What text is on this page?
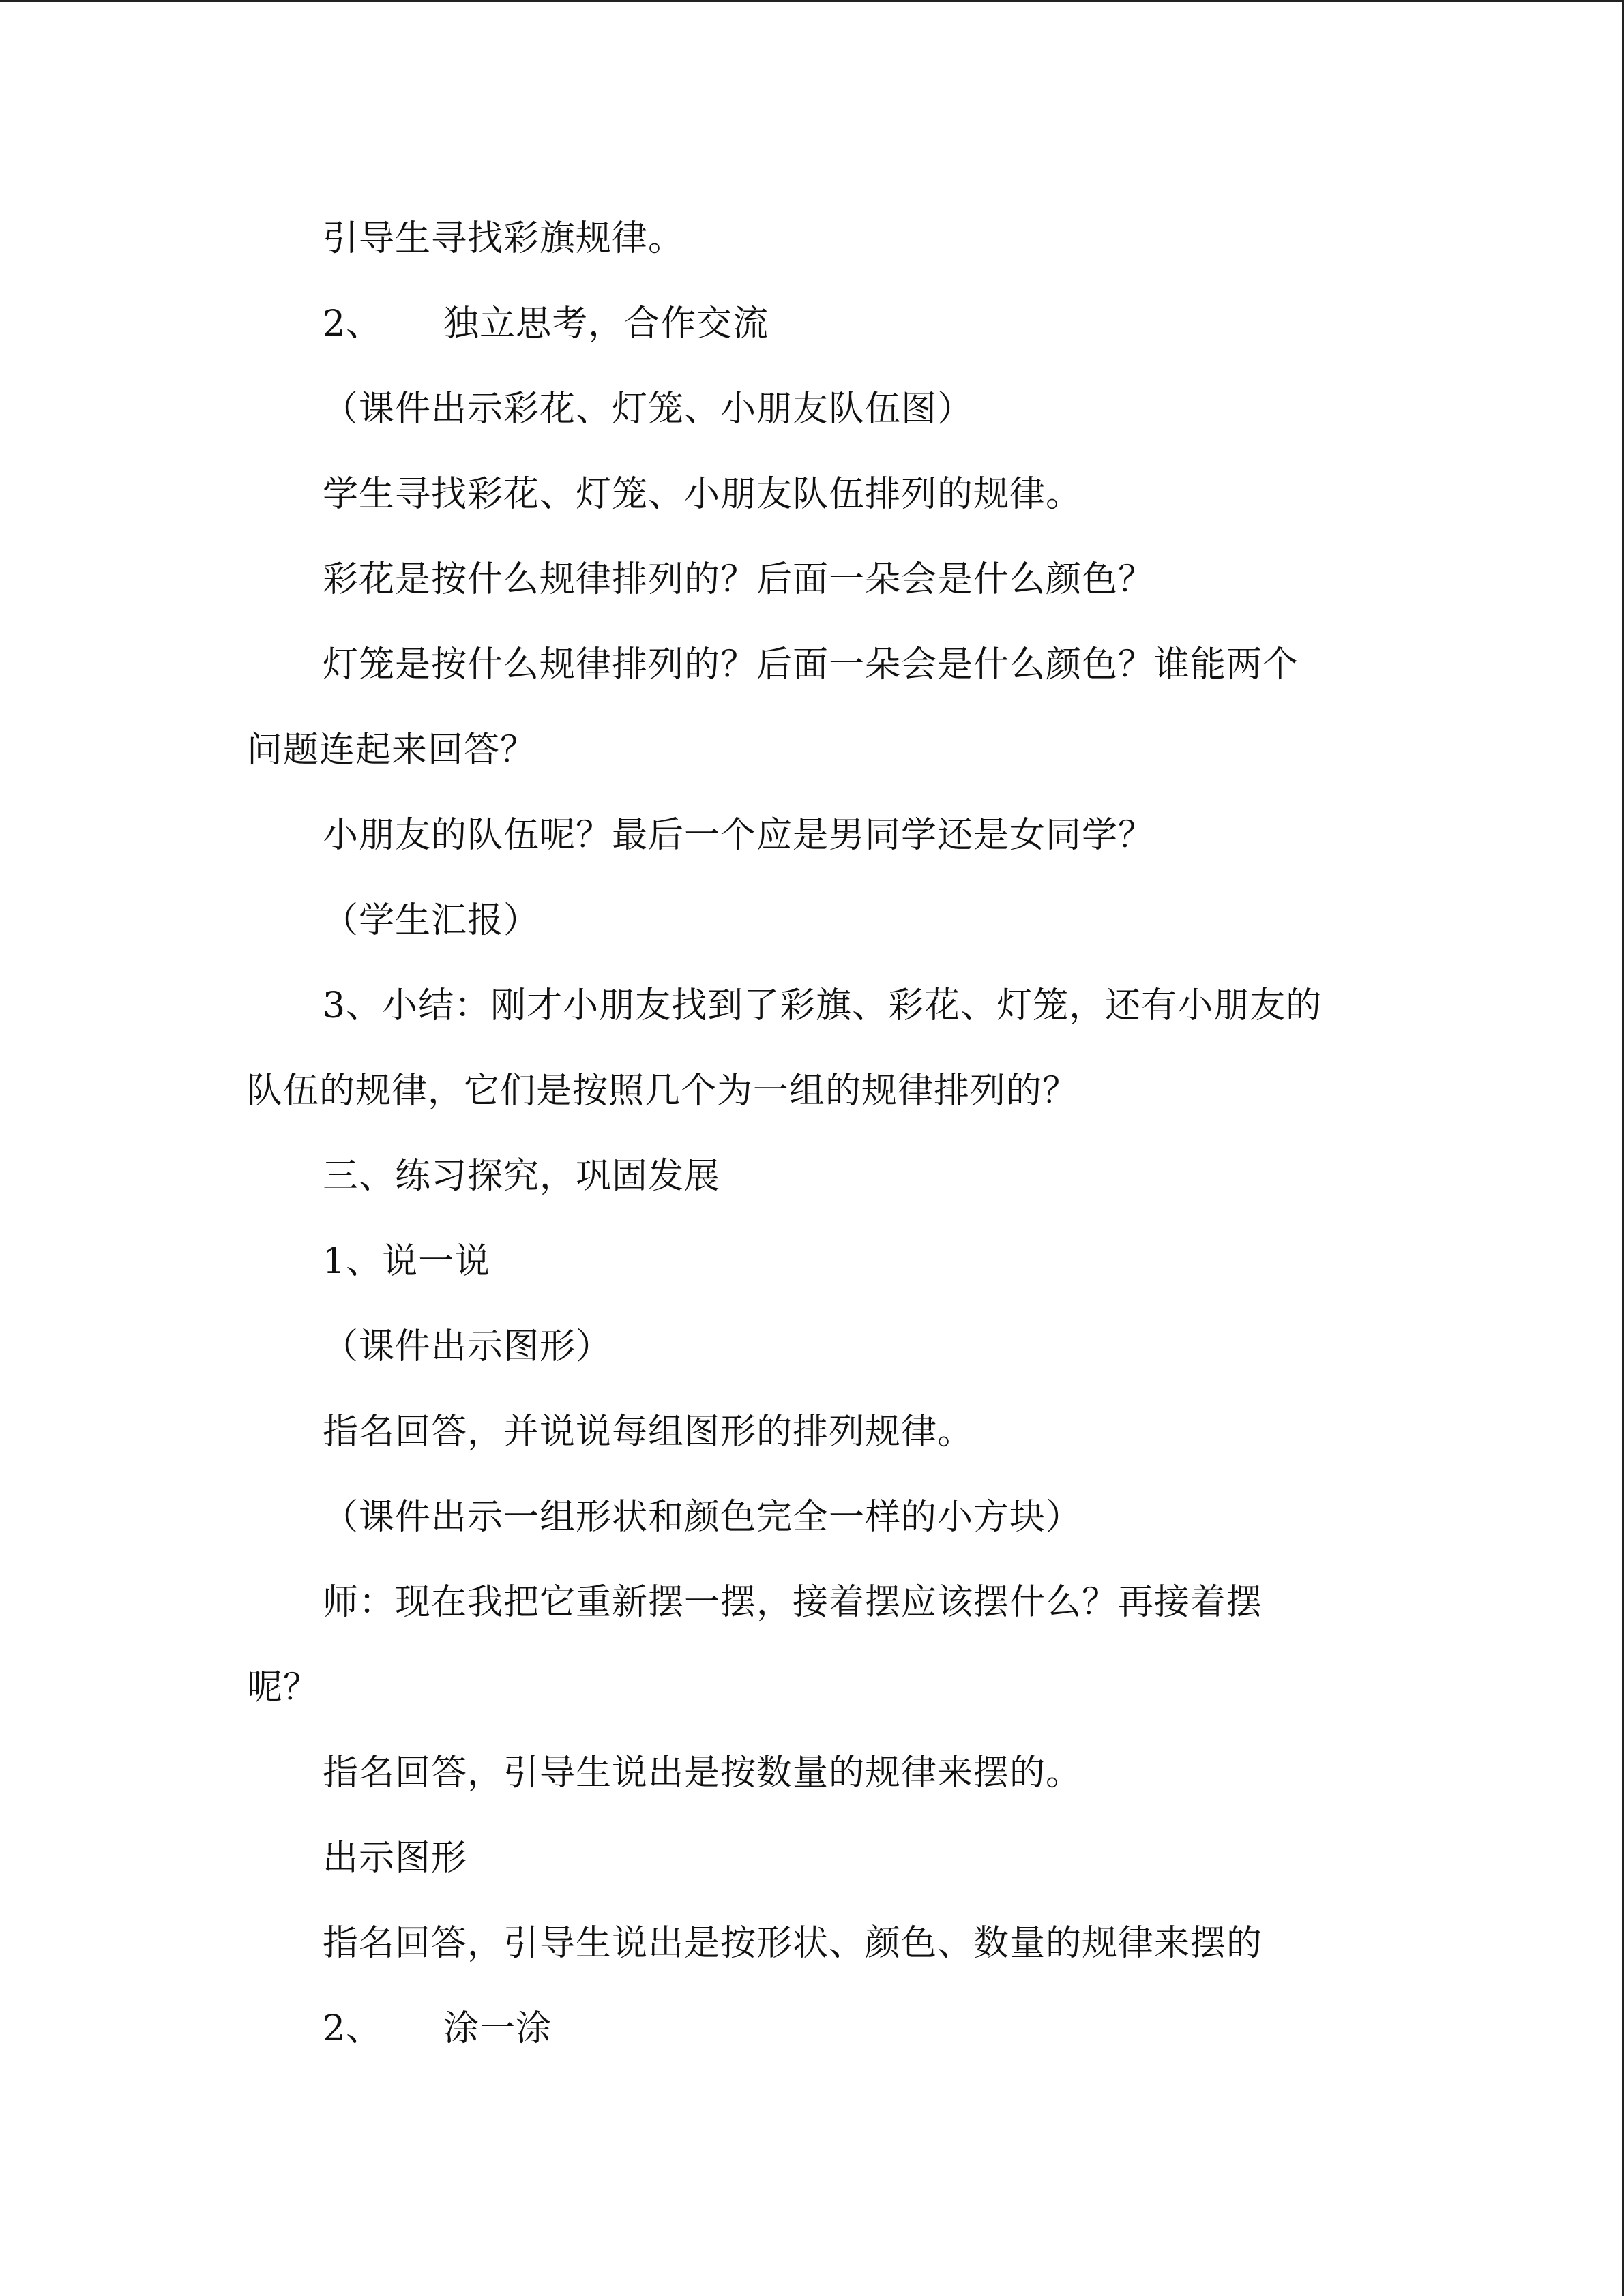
引导生寻找彩旗规律。
2、 独立思考，合作交流
（课件出示彩花、灯笼、小朋友队伍图）
学生寻找彩花、灯笼、小朋友队伍排列的规律。
彩花是按什么规律排列的？后面一朵会是什么颜色？
灯笼是按什么规律排列的？后面一朵会是什么颜色？谁能两个
问题连起来回答？
小朋友的队伍呢？最后一个应是男同学还是女同学？
（学生汇报）
3、小结：刚才小朋友找到了彩旗、彩花、灯笼，还有小朋友的
队伍的规律，它们是按照几个为一组的规律排列的？
三、练习探究，巩固发展
1、说一说
（课件出示图形）
指名回答，并说说每组图形的排列规律。
（课件出示一组形状和颜色完全一样的小方块）
师：现在我把它重新摆一摆，接着摆应该摆什么？再接着摆
呢？
指名回答，引导生说出是按数量的规律来摆的。
出示图形
指名回答，引导生说出是按形状、颜色、数量的规律来摆的
2、 涂一涂
